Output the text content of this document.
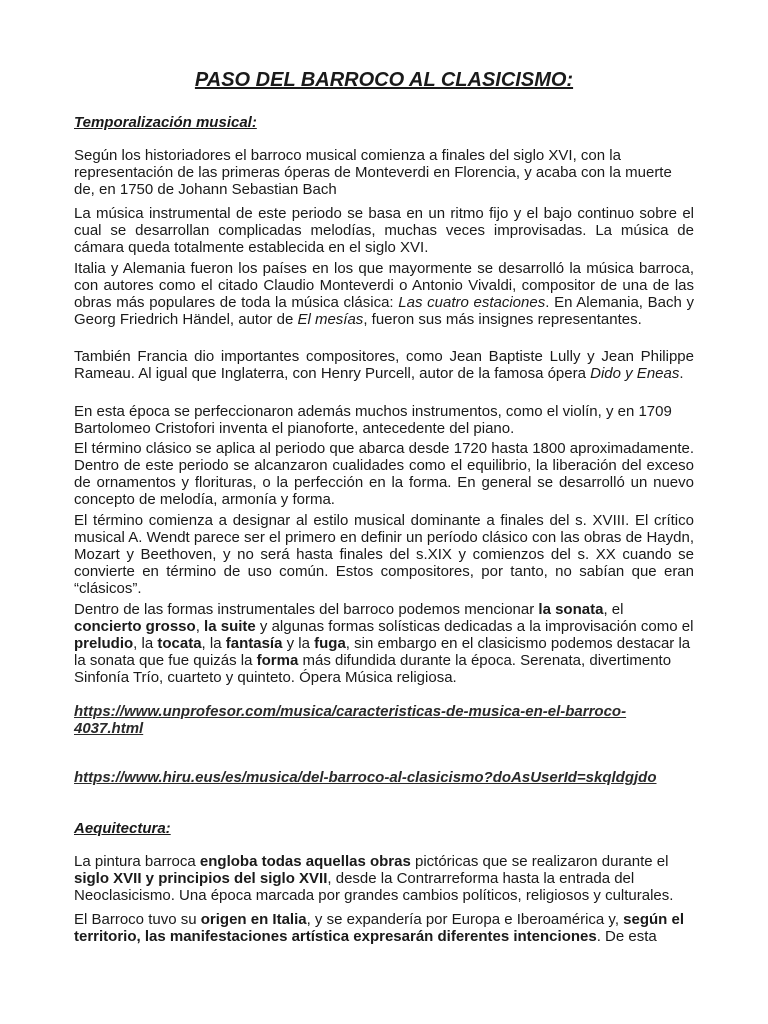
PASO DEL BARROCO AL CLASICISMO:
Temporalización musical:

Según los historiadores el barroco musical comienza a finales del siglo XVI, con la representación de las primeras óperas de Monteverdi en Florencia, y acaba con la muerte de, en 1750 de Johann Sebastian Bach

La música instrumental de este periodo se basa en un ritmo fijo y el bajo continuo sobre el cual se desarrollan complicadas melodías, muchas veces improvisadas. La música de cámara queda totalmente establecida en el siglo XVI.

Italia y Alemania fueron los países en los que mayormente se desarrolló la música barroca, con autores como el citado Claudio Monteverdi o Antonio Vivaldi, compositor de una de las obras más populares de toda la música clásica: Las cuatro estaciones. En Alemania, Bach y Georg Friedrich Händel, autor de El mesías, fueron sus más insignes representantes.

También Francia dio importantes compositores, como Jean Baptiste Lully y Jean Philippe Rameau. Al igual que Inglaterra, con Henry Purcell, autor de la famosa ópera Dido y Eneas.

En esta época se perfeccionaron además muchos instrumentos, como el violín, y en 1709 Bartolomeo Cristofori inventa el pianoforte, antecedente del piano.

El término clásico se aplica al periodo que abarca desde 1720 hasta 1800 aproximadamente. Dentro de este periodo se alcanzaron cualidades como el equilibrio, la liberación del exceso de ornamentos y florituras, o la perfección en la forma. En general se desarrolló un nuevo concepto de melodía, armonía y forma.

El término comienza a designar al estilo musical dominante a finales del s. XVIII. El crítico musical A. Wendt parece ser el primero en definir un período clásico con las obras de Haydn, Mozart y Beethoven, y no será hasta finales del s.XIX y comienzos del s. XX cuando se convierte en término de uso común. Estos compositores, por tanto, no sabían que eran “clásicos”.

Dentro de las formas instrumentales del barroco podemos mencionar la sonata, el concierto grosso, la suite y algunas formas solísticas dedicadas a la improvisación como el preludio, la tocata, la fantasía y la fuga, sin embargo en el clasicismo podemos destacar la la sonata que fue quizás la forma más difundida durante la época. Serenata, divertimento Sinfonía Trío, cuarteto y quinteto. Ópera Música religiosa.

https://www.unprofesor.com/musica/caracteristicas-de-musica-en-el-barroco-4037.html
https://www.hiru.eus/es/musica/del-barroco-al-clasicismo?doAsUserId=skqldgjdo
Aequitectura:

La pintura barroca engloba todas aquellas obras pictóricas que se realizaron durante el siglo XVII y principios del siglo XVII, desde la Contrarreforma hasta la entrada del Neoclasicismo. Una época marcada por grandes cambios políticos, religiosos y culturales.

El Barroco tuvo su origen en Italia, y se expandería por Europa e Iberoamérica y, según el territorio, las manifestaciones artística expresarán diferentes intenciones. De esta
